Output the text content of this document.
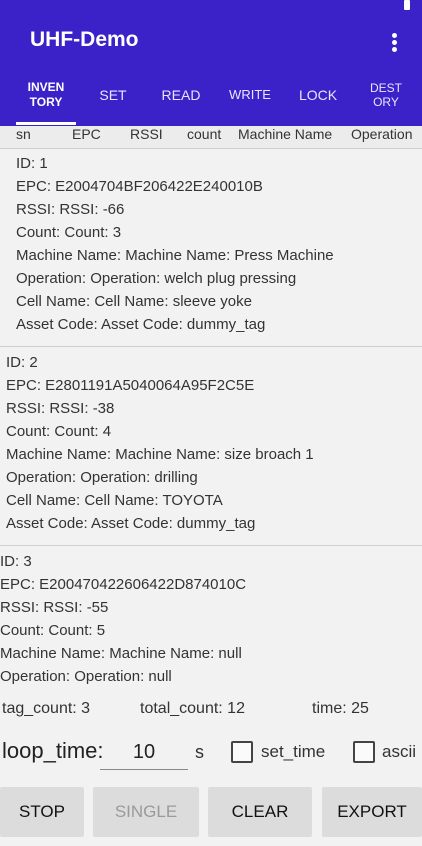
UHF-Demo
INVEN
TORY	SET	READ	WRITE	LOCK	DEST
ORY
sn	EPC RSSI count Machine Name Operation
ID: 1
EPC: E2004704BF206422E240010B
RSSI: RSSI: -66
Count: Count: 3
Machine Name: Machine Name: Press Machine
Operation: Operation: welch plug pressing
Cell Name: Cell Name: sleeve yoke
Asset Code: Asset Code: dummy_tag
ID: 2
EPC: E2801191A5040064A95F2C5E
RSSI: RSSI: -38
Count: Count: 4
Machine Name: Machine Name: size broach 1
Operation: Operation: drilling
Cell Name: Cell Name: TOYOTA
Asset Code: Asset Code: dummy_tag
ID: 3
EPC: E200470422606422D874010C
RSSI: RSSI: -55
Count: Count: 5
Machine Name: Machine Name: null
Operation: Operation: null
tag_count: 3	total_count: 12	time: 25
loop_time:	10	s	set_time	ascii
STOP	SINGLE	CLEAR	EXPORT
